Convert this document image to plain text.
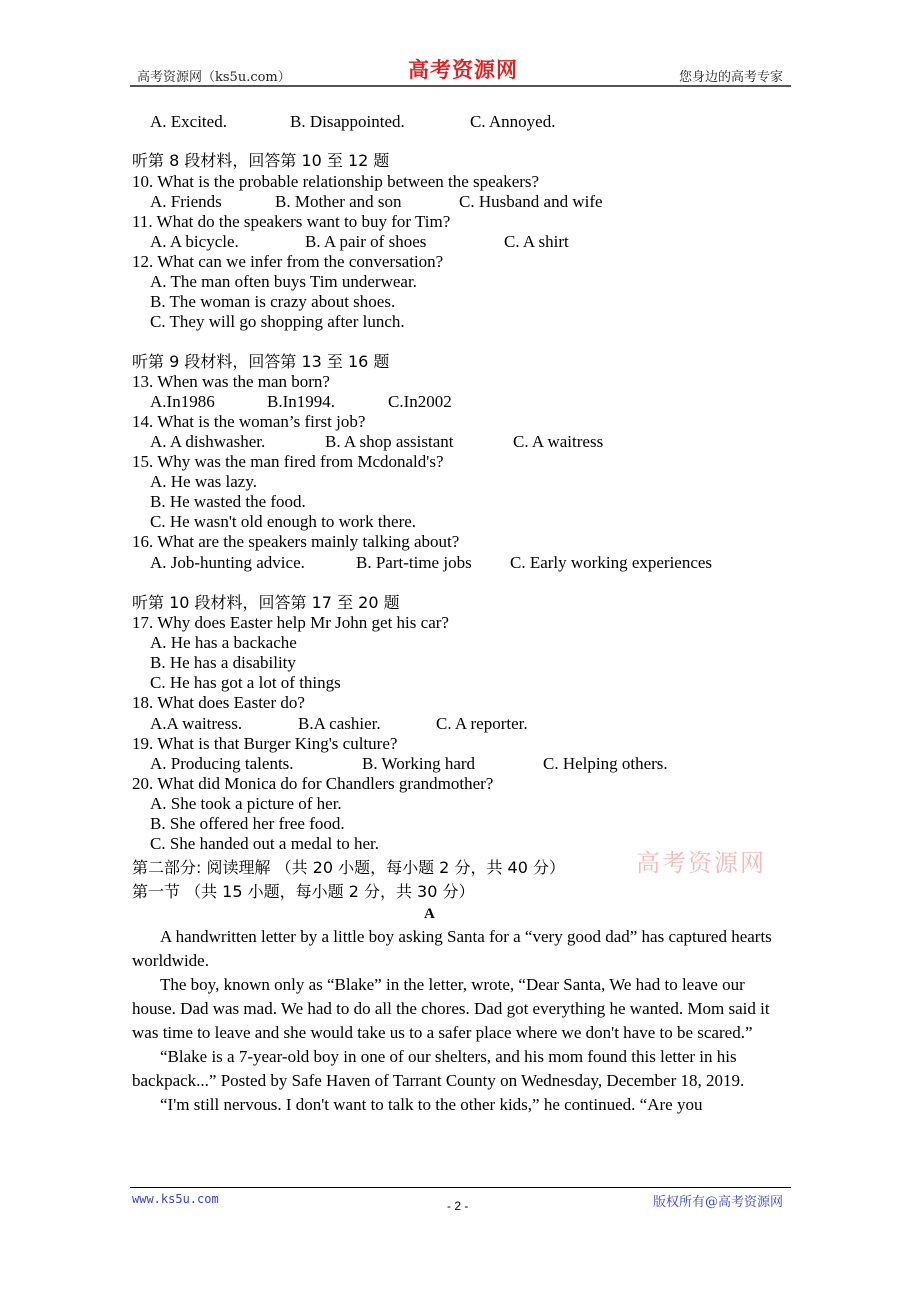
高考资源网（ks5u.com）	高考资源网	您身边的高考专家
A. Excited.	B. Disappointed.	C. Annoyed.
听第 8 段材料，回答第 10 至 12 题
10. What is the probable relationship between the speakers?
A. Friends	B. Mother and son	C. Husband and wife
11. What do the speakers want to buy for Tim?
A. A bicycle.	B. A pair of shoes	C. A shirt
12. What can we infer from the conversation?
A. The man often buys Tim underwear.
B. The woman is crazy about shoes.
C. They will go shopping after lunch.
听第 9 段材料，回答第 13 至 16 题
13. When was the man born?
A.In1986	B.In1994.	C.In2002
14. What is the woman’s first job?
A. A dishwasher.	B. A shop assistant	C. A waitress
15. Why was the man fired from Mcdonald's?
A. He was lazy.
B. He wasted the food.
C. He wasn't old enough to work there.
16. What are the speakers mainly talking about?
A. Job-hunting advice.	B. Part-time jobs C. Early working experiences
听第 10 段材料，回答第 17 至 20 题
17. Why does Easter help Mr John get his car?
A. He has a backache
B. He has a disability
C. He has got a lot of things
18. What does Easter do?
A.A waitress.	B.A cashier.	C. A reporter.
19. What is that Burger King's culture?
A. Producing talents.	B. Working hard	C. Helping others.
20. What did Monica do for Chandlers grandmother?
A. She took a picture of her.
B. She offered her free food.
C. She handed out a medal to her.
第二部分: 阅读理解 （共 20 小题，每小题 2 分，共 40 分）	高考资源网
第一节 （共 15 小题，每小题 2 分，共 30 分）
A

A handwritten letter by a little boy asking Santa for a “very good dad” has captured hearts worldwide.

The boy, known only as “Blake” in the letter, wrote, “Dear Santa, We had to leave our house. Dad was mad. We had to do all the chores. Dad got everything he wanted. Mom said it was time to leave and she would take us to a safer place where we don't have to be scared.”

“Blake is a 7-year-old boy in one of our shelters, and his mom found this letter in his backpack...” Posted by Safe Haven of Tarrant County on Wednesday, December 18, 2019.

“I'm still nervous. I don't want to talk to the other kids,” he continued. “Are you

www.ks5u.com	- 2 -	版权所有@高考资源网
